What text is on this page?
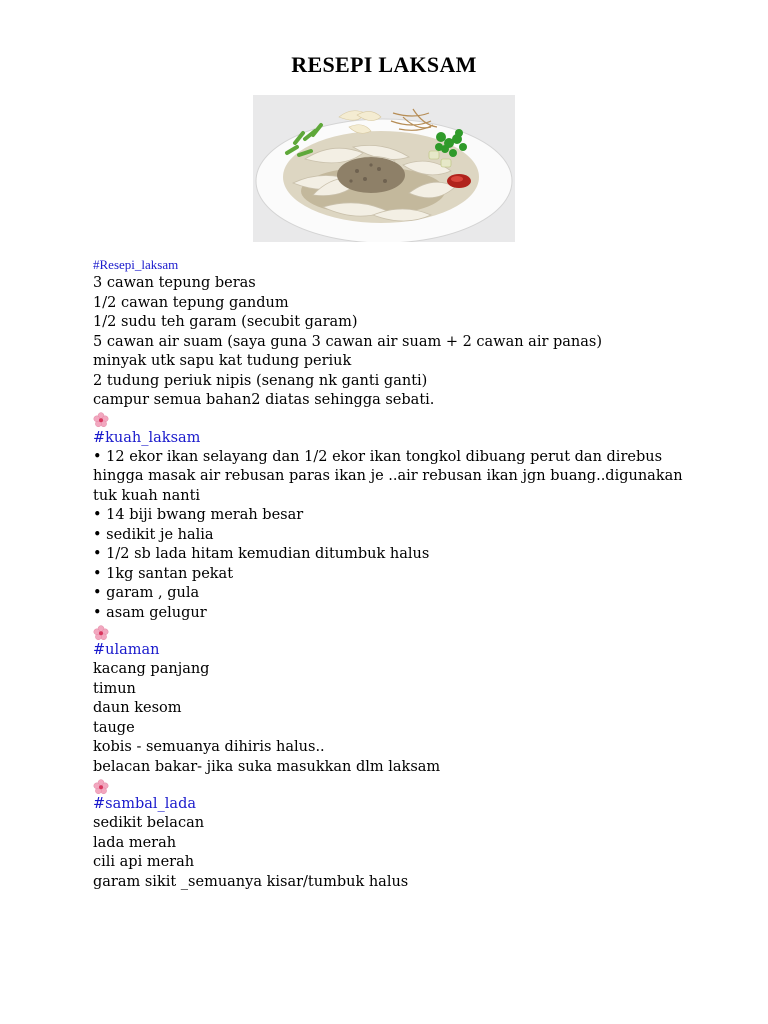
RESEPI LAKSAM
#Resepi_laksam
3 cawan tepung beras
1/2 cawan tepung gandum
1/2 sudu teh garam (secubit garam)
5 cawan air suam (saya guna 3 cawan air suam + 2 cawan air panas)
minyak utk sapu kat tudung periuk
2 tudung periuk nipis (senang nk ganti ganti)
campur semua bahan2 diatas sehingga sebati.
#kuah_laksam
• 12 ekor ikan selayang dan 1/2 ekor ikan tongkol dibuang perut dan direbus
hingga masak air rebusan paras ikan je ..air rebusan ikan jgn buang..digunakan
tuk kuah nanti
• 14 biji bwang merah besar
• sedikit je halia
• 1/2 sb lada hitam kemudian ditumbuk halus
• 1kg santan pekat
• garam , gula
• asam gelugur
#ulaman
kacang panjang
timun
daun kesom
tauge
kobis - semuanya dihiris halus..
belacan bakar- jika suka masukkan dlm laksam
#sambal_lada
sedikit belacan
lada merah
cili api merah
garam sikit _semuanya kisar/tumbuk halus
